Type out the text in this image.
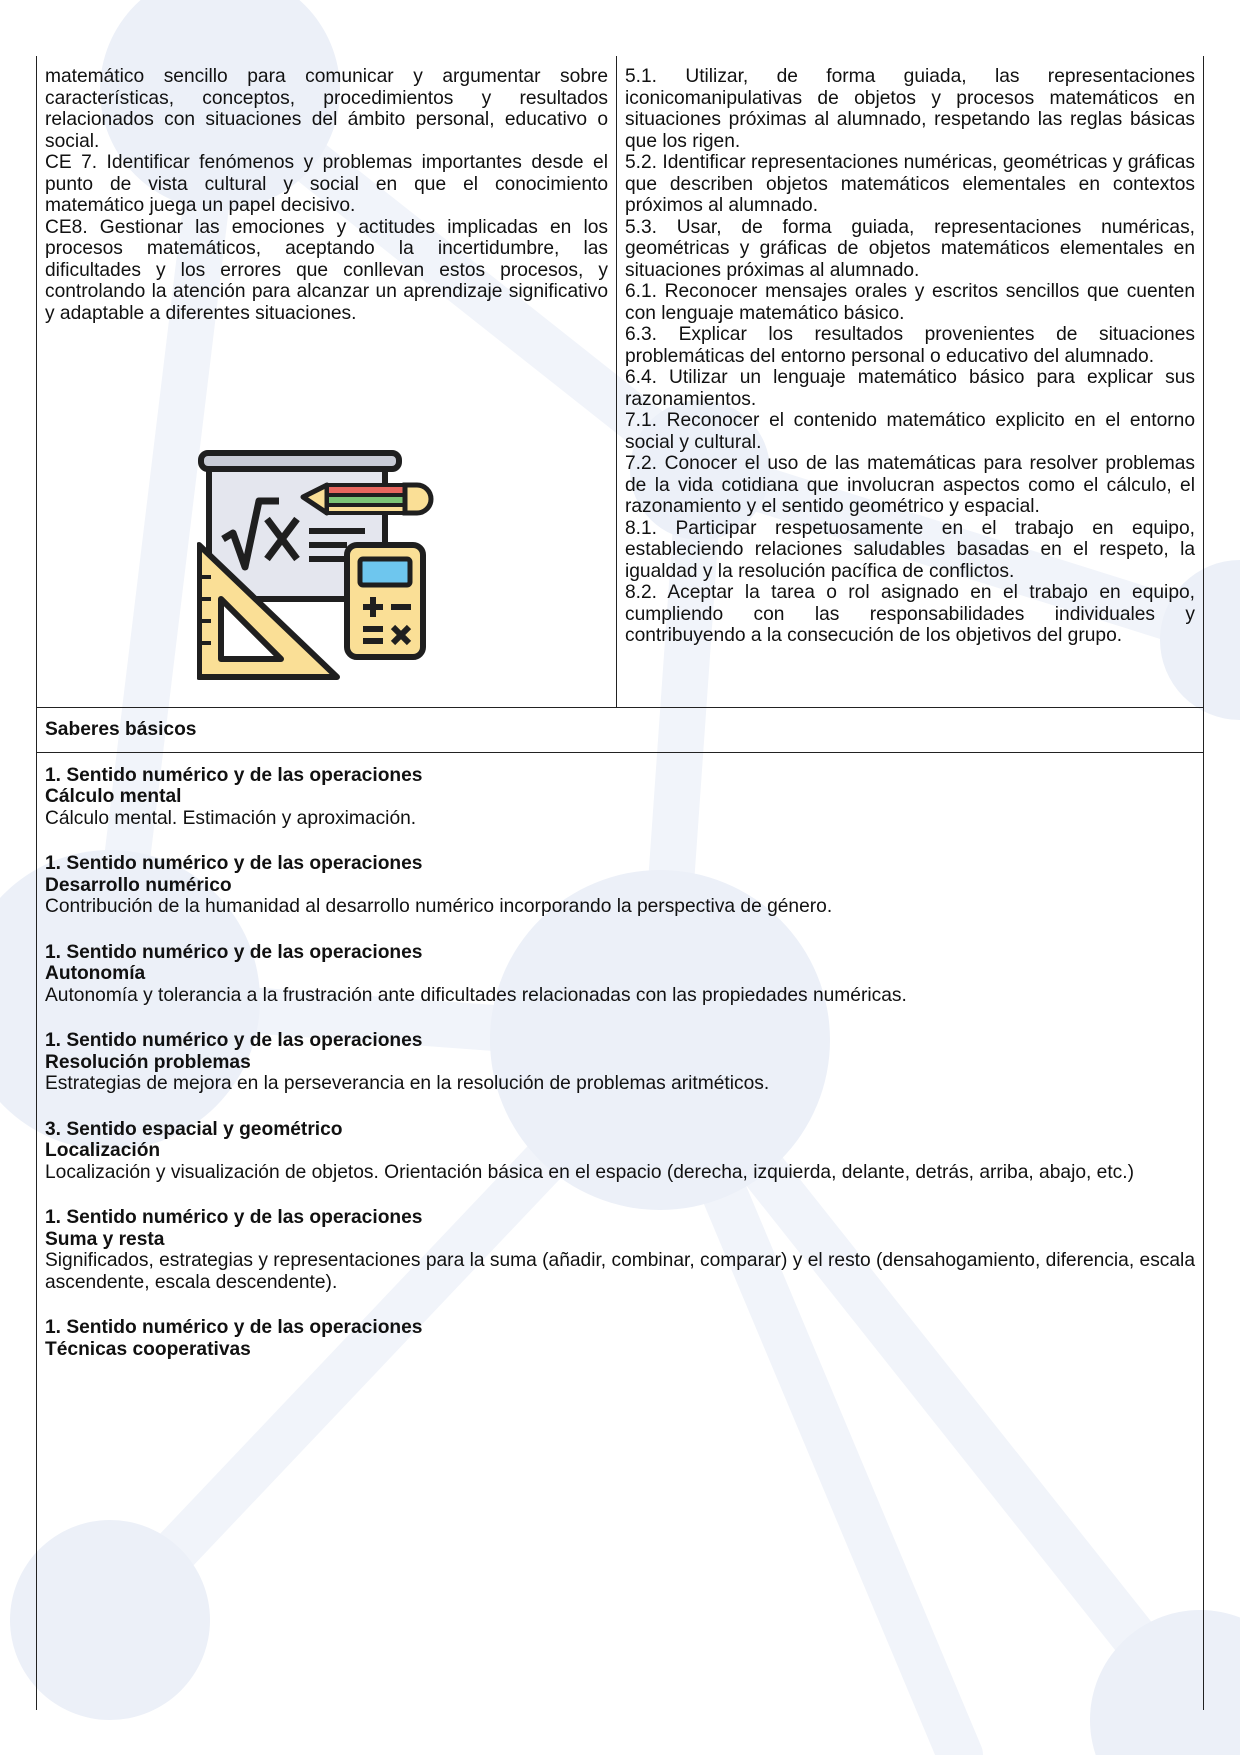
matemático sencillo para comunicar y argumentar sobre características, conceptos, procedimientos y resultados relacionados con situaciones del ámbito personal, educativo o social.

CE 7. Identificar fenómenos y problemas importantes desde el punto de vista cultural y social en que el conocimiento matemático juega un papel decisivo.

CE8. Gestionar las emociones y actitudes implicadas en los procesos matemáticos, aceptando la incertidumbre, las dificultades y los errores que conllevan estos procesos, y controlando la atención para alcanzar un aprendizaje significativo y adaptable a diferentes situaciones.

5.1. Utilizar, de forma guiada, las representaciones iconicomanipulativas de objetos y procesos matemáticos en situaciones próximas al alumnado, respetando las reglas básicas que los rigen.

5.2. Identificar representaciones numéricas, geométricas y gráficas que describen objetos matemáticos elementales en contextos próximos al alumnado.

5.3. Usar, de forma guiada, representaciones numéricas, geométricas y gráficas de objetos matemáticos elementales en situaciones próximas al alumnado.

6.1. Reconocer mensajes orales y escritos sencillos que cuenten con lenguaje matemático básico.

6.3. Explicar los resultados provenientes de situaciones problemáticas del entorno personal o educativo del alumnado.

6.4. Utilizar un lenguaje matemático básico para explicar sus razonamientos.

7.1. Reconocer el contenido matemático explicito en el entorno social y cultural.

7.2. Conocer el uso de las matemáticas para resolver problemas de la vida cotidiana que involucran aspectos como el cálculo, el razonamiento y el sentido geométrico y espacial.

8.1. Participar respetuosamente en el trabajo en equipo, estableciendo relaciones saludables basadas en el respeto, la igualdad y la resolución pacífica de conflictos.

8.2. Aceptar la tarea o rol asignado en el trabajo en equipo, cumpliendo con las responsabilidades individuales y contribuyendo a la consecución de los objetivos del grupo.

Saberes básicos
1. Sentido numérico y de las operaciones
Cálculo mental
Cálculo mental. Estimación y aproximación.
1. Sentido numérico y de las operaciones
Desarrollo numérico
Contribución de la humanidad al desarrollo numérico incorporando la perspectiva de género.
1. Sentido numérico y de las operaciones
Autonomía
Autonomía y tolerancia a la frustración ante dificultades relacionadas con las propiedades numéricas.
1. Sentido numérico y de las operaciones
Resolución problemas
Estrategias de mejora en la perseverancia en la resolución de problemas aritméticos.
3. Sentido espacial y geométrico
Localización
Localización y visualización de objetos. Orientación básica en el espacio (derecha, izquierda, delante, detrás, arriba, abajo, etc.)
1. Sentido numérico y de las operaciones
Suma y resta
Significados, estrategias y representaciones para la suma (añadir, combinar, comparar) y el resto (densahogamiento, diferencia, escala ascendente, escala descendente).
1. Sentido numérico y de las operaciones
Técnicas cooperativas
